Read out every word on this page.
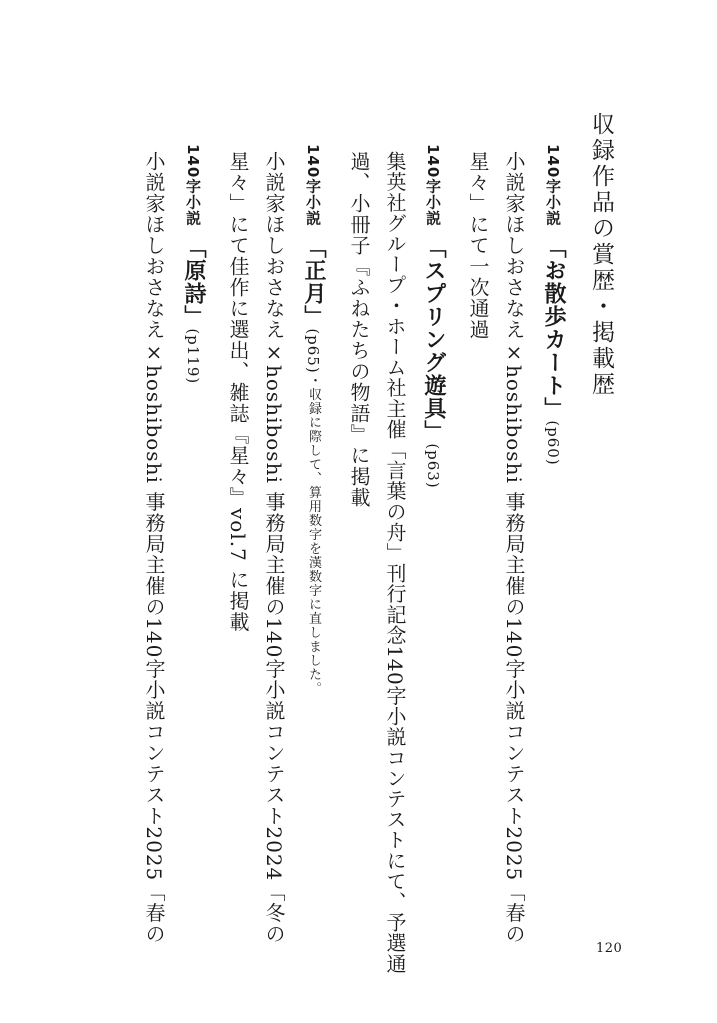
収録作品の賞歴・掲載歴
140字小説「お散歩カート」(p60)
小説家ほしおさなえ×hoshiboshi 事務局主催の140字小説コンテスト2025「春の
星々」にて一次通過
140字小説「スプリング遊具」(p63)
集英社グループ・ホーム社主催「言葉の舟」刊行記念140字小説コンテストにて、予選通
過、小冊子『ふねたちの物語』に掲載
140字小説「正月」(p65)・収録に際して、算用数字を漢数字に直しました。
小説家ほしおさなえ×hoshiboshi 事務局主催の140字小説コンテスト2024「冬の
星々」にて佳作に選出、雑誌『星々』vol.7 に掲載
140字小説「原詩」(p119)
小説家ほしおさなえ×hoshiboshi 事務局主催の140字小説コンテスト2025「春の
120
